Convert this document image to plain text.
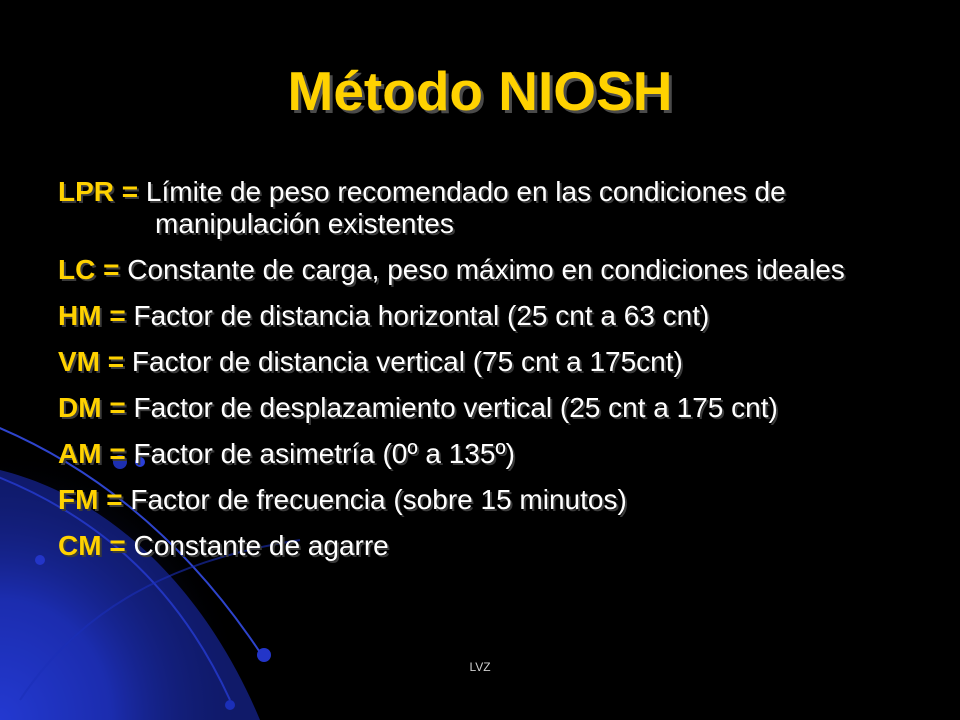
Método NIOSH
LPR = Límite de peso recomendado en las condiciones de manipulación existentes
LC = Constante de carga, peso máximo en condiciones ideales
HM = Factor de distancia horizontal (25 cnt a 63 cnt)
VM = Factor de distancia vertical (75 cnt a 175cnt)
DM = Factor de desplazamiento vertical (25 cnt a 175 cnt)
AM = Factor de asimetría (0º a 135º)
FM = Factor de frecuencia (sobre 15 minutos)
CM = Constante de agarre
LVZ
